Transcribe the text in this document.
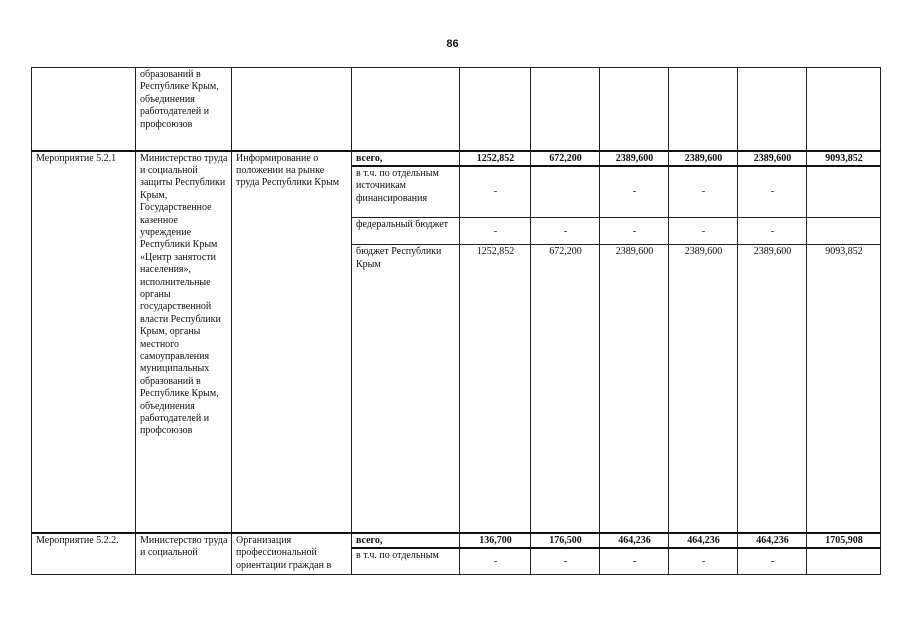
86
	образований в Республике Крым, объединения работодателей и профсоюзов								
Мероприятие 5.2.1	Министерство труда и социальной защиты Республики Крым, Государственное казенное учреждение Республики Крым «Центр занятости населения», исполнительные органы государственной власти Республики Крым, органы местного самоуправления муниципальных образований в Республике Крым, объединения работодателей и профсоюзов	Информирование о положении на рынке труда Республики Крым	всего,	1252,852	672,200	2389,600	2389,600	2389,600	9093,852
			в т.ч. по отдельным источникам финансирования	-		-	-	-	
			федеральный бюджет	-	-	-	-	-	
			бюджет Республики Крым	1252,852	672,200	2389,600	2389,600	2389,600	9093,852
Мероприятие 5.2.2.	Министерство труда и социальной	Организация профессиональной ориентации граждан в	всего,	136,700	176,500	464,236	464,236	464,236	1705,908
			в т.ч. по отдельным	-	-	-	-	-	
